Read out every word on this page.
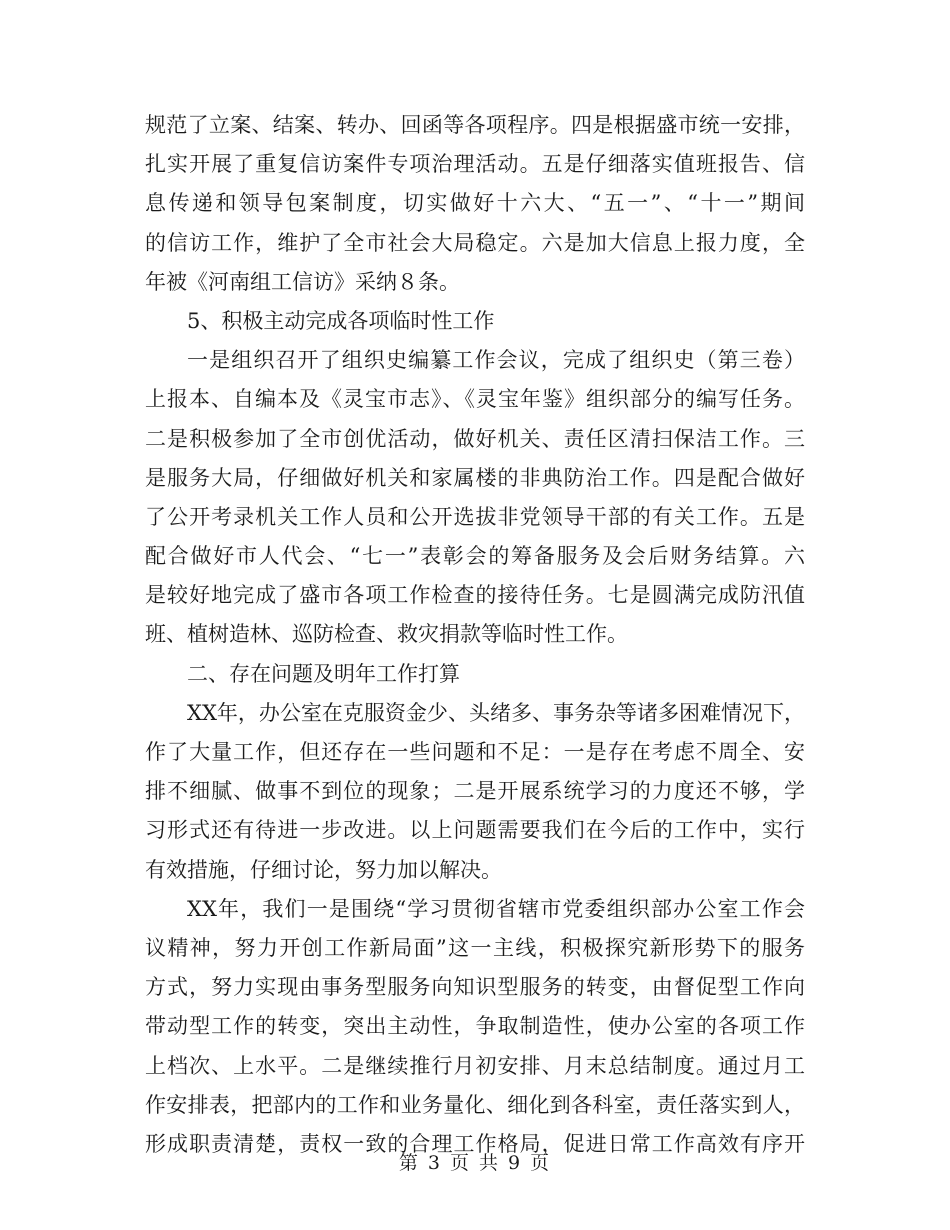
规范了立案、结案、转办、回函等各项程序。四是根据盛市统一安排，
扎实开展了重复信访案件专项治理活动。五是仔细落实值班报告、信
息传递和领导包案制度，切实做好十六大、“五一”、“十一”期间
的信访工作，维护了全市社会大局稳定。六是加大信息上报力度，全
年被《河南组工信访》采纳８条。
5、积极主动完成各项临时性工作
一是组织召开了组织史编纂工作会议，完成了组织史（第三卷）
上报本、自编本及《灵宝市志》、《灵宝年鉴》组织部分的编写任务。
二是积极参加了全市创优活动，做好机关、责任区清扫保洁工作。三
是服务大局，仔细做好机关和家属楼的非典防治工作。四是配合做好
了公开考录机关工作人员和公开选拔非党领导干部的有关工作。五是
配合做好市人代会、“七一”表彰会的筹备服务及会后财务结算。六
是较好地完成了盛市各项工作检查的接待任务。七是圆满完成防汛值
班、植树造林、巡防检查、救灾捐款等临时性工作。
二、存在问题及明年工作打算
XX年，办公室在克服资金少、头绪多、事务杂等诸多困难情况下，
作了大量工作，但还存在一些问题和不足：一是存在考虑不周全、安
排不细腻、做事不到位的现象；二是开展系统学习的力度还不够，学
习形式还有待进一步改进。以上问题需要我们在今后的工作中，实行
有效措施，仔细讨论，努力加以解决。
XX年，我们一是围绕“学习贯彻省辖市党委组织部办公室工作会
议精神，努力开创工作新局面”这一主线，积极探究新形势下的服务
方式，努力实现由事务型服务向知识型服务的转变，由督促型工作向
带动型工作的转变，突出主动性，争取制造性，使办公室的各项工作
上档次、上水平。二是继续推行月初安排、月末总结制度。通过月工
作安排表，把部内的工作和业务量化、细化到各科室，责任落实到人，
形成职责清楚，责权一致的合理工作格局，促进日常工作高效有序开
第 3 页 共 9 页
